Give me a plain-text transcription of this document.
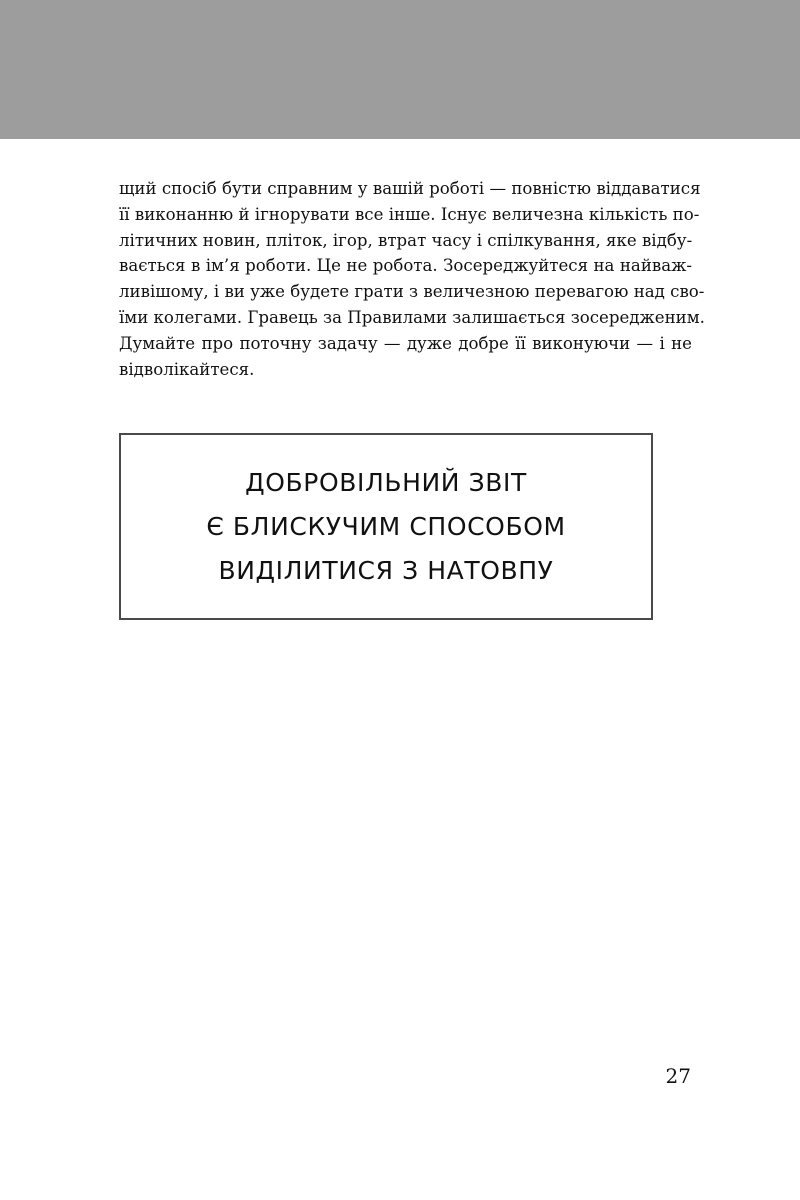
щий спосіб бути справним у вашій роботі — повністю віддаватися
її виконанню й ігнорувати все інше. Існує величезна кількість по-
літичних новин, пліток, ігор, втрат часу і спілкування, яке відбу-
вається в ім’я роботи. Це не робота. Зосереджуйтеся на найваж-
ливішому, і ви уже будете грати з величезною перевагою над сво-
їми колегами. Гравець за Правилами залишається зосередженим.
Думайте про поточну задачу — дуже добре її виконуючи — і не
відволікайтеся.

ДОБРОВІЛЬНИЙ ЗВІТ
Є БЛИСКУЧИМ СПОСОБОМ
ВИДІЛИТИСЯ З НАТОВПУ
27
